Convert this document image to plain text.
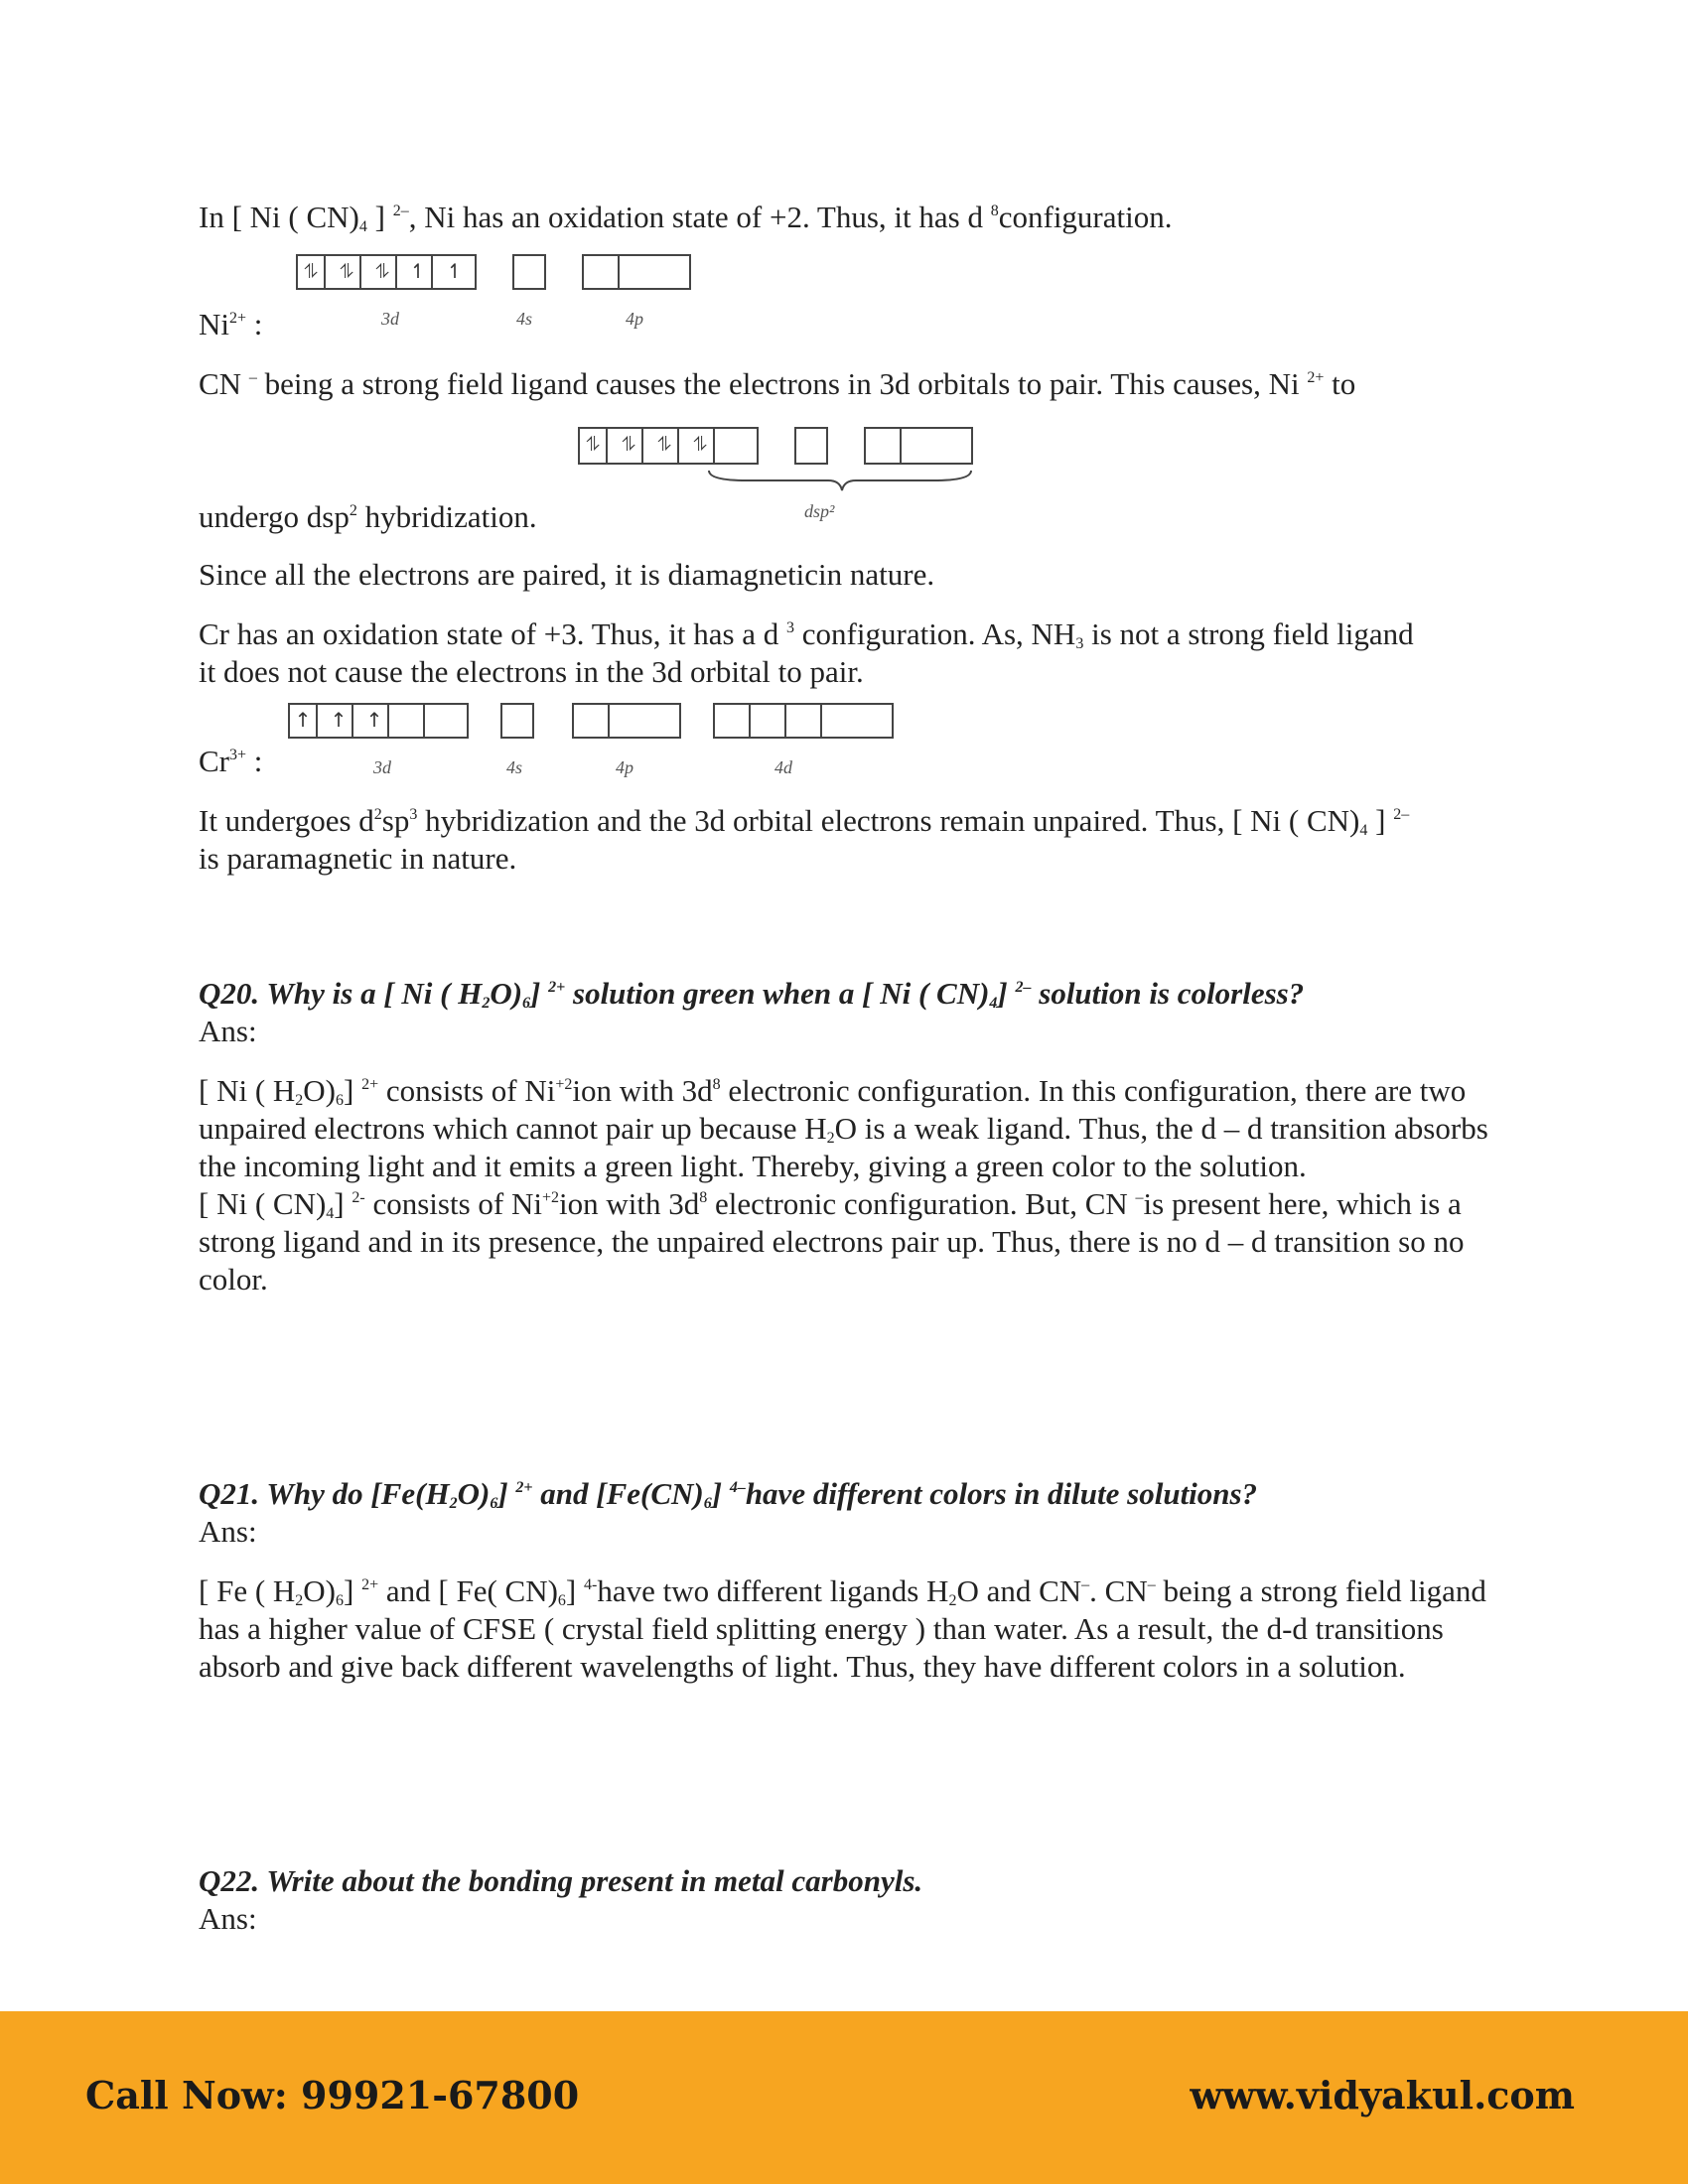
In [ Ni ( $CN)_4$ ] $^{2-}$, Ni has an oxidation state of +2. Thus, it has d $^8$configuration.

⥮	⥮	⥮	↿	↿
3d	4s	4p

$Ni^{2+}$ :

CN – being a strong field ligand causes the electrons in 3d orbitals to pair. This causes, Ni $^{2+}$ to

⥮	⥮	⥮	⥮
dsp²

undergo dsp$^2$ hybridization.

Since all the electrons are paired, it is diamagneticin nature.

Cr has an oxidation state of +3. Thus, it has a d $^3$ configuration. As, $NH_3$ is not a strong field ligand it does not cause the electrons in the 3d orbital to pair.

↑ ↑ ↑
3d	4s	4p	4d

$Cr^{3+}$ :

It undergoes $d^2sp^3$ hybridization and the 3d orbital electrons remain unpaired. Thus, [ Ni ( $CN)_4$ ] $^{2-}$ is paramagnetic in nature.

Q20. Why is a [ Ni ( $H_2O)_6$] $^{2+}$ solution green when a [ Ni ( $CN)_4$] $^{2-}$ solution is colorless?

Ans:

[ Ni ( $H_2O)_6$] $^{2+}$ consists of $Ni^{+2}ion$ with $3d^8$ electronic configuration. In this configuration, there are two unpaired electrons which cannot pair up because $H_2O$ is a weak ligand. Thus, the d – d transition absorbs the incoming light and it emits a green light. Thereby, giving a green color to the solution.
[ Ni ( $CN)_4$] $^{2-}$ consists of $Ni^{+2}ion$ with $3d^8$ electronic configuration. But, CN –is present here, which is a strong ligand and in its presence, the unpaired electrons pair up. Thus, there is no d – d transition so no color.

Q21. Why do $[Fe(H_2O)_6]$ $^{2+}$ and $[Fe(CN)_6]$ $^{4-}$have different colors in dilute solutions?

Ans:

[ Fe ( $H_2O)_6$] $^{2+}$ and [ Fe( $CN)_6$] $^{4-}$have two different ligands $H_2O$ and CN–. CN– being a strong field ligand has a higher value of CFSE ( crystal field splitting energy ) than water. As a result, the d-d transitions absorb and give back different wavelengths of light. Thus, they have different colors in a solution.

Q22. Write about the bonding present in metal carbonyls.

Ans:

Call Now: 99921-67800	www.vidyakul.com
